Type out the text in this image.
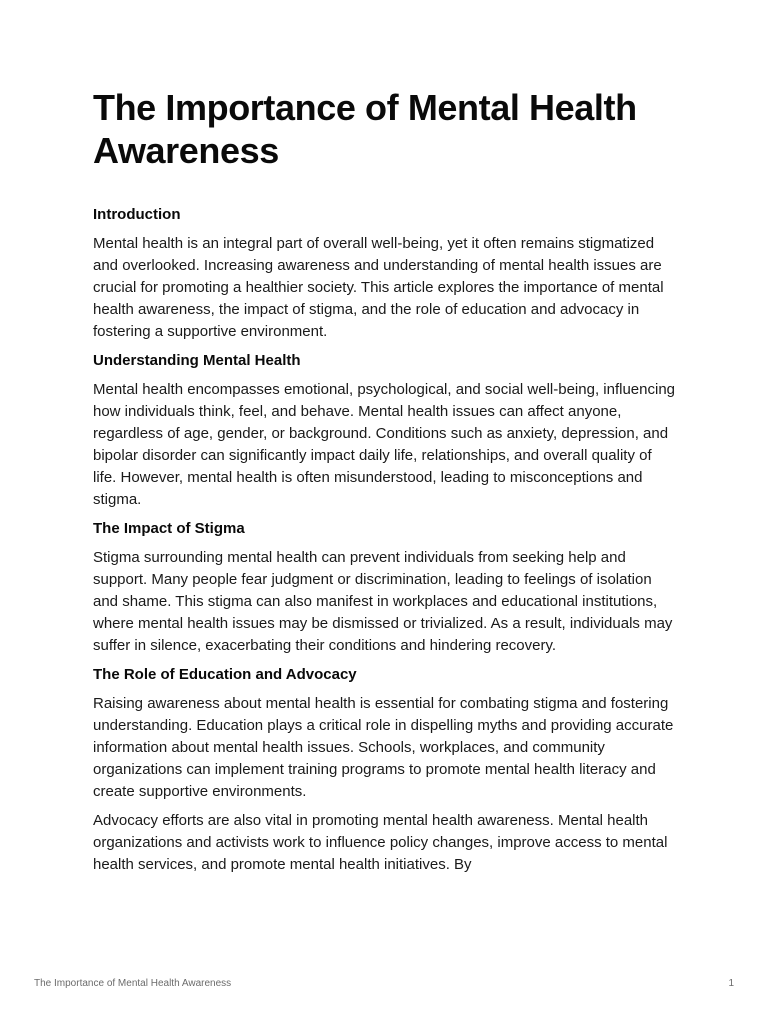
The Importance of Mental Health Awareness
Introduction

Mental health is an integral part of overall well-being, yet it often remains stigmatized and overlooked. Increasing awareness and understanding of mental health issues are crucial for promoting a healthier society. This article explores the importance of mental health awareness, the impact of stigma, and the role of education and advocacy in fostering a supportive environment.

Understanding Mental Health

Mental health encompasses emotional, psychological, and social well-being, influencing how individuals think, feel, and behave. Mental health issues can affect anyone, regardless of age, gender, or background. Conditions such as anxiety, depression, and bipolar disorder can significantly impact daily life, relationships, and overall quality of life. However, mental health is often misunderstood, leading to misconceptions and stigma.

The Impact of Stigma

Stigma surrounding mental health can prevent individuals from seeking help and support. Many people fear judgment or discrimination, leading to feelings of isolation and shame. This stigma can also manifest in workplaces and educational institutions, where mental health issues may be dismissed or trivialized. As a result, individuals may suffer in silence, exacerbating their conditions and hindering recovery.

The Role of Education and Advocacy

Raising awareness about mental health is essential for combating stigma and fostering understanding. Education plays a critical role in dispelling myths and providing accurate information about mental health issues. Schools, workplaces, and community organizations can implement training programs to promote mental health literacy and create supportive environments.

Advocacy efforts are also vital in promoting mental health awareness. Mental health organizations and activists work to influence policy changes, improve access to mental health services, and promote mental health initiatives. By

The Importance of Mental Health Awareness	1
